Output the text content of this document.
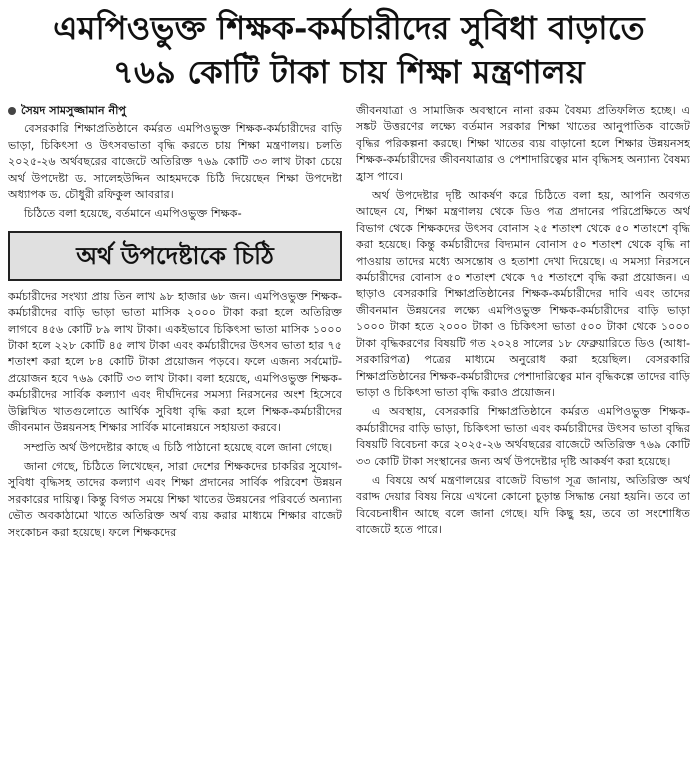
এমপিওভুক্ত শিক্ষক-কর্মচারীদের সুবিধা বাড়াতে
৭৬৯ কোটি টাকা চায় শিক্ষা মন্ত্রণালয়
সৈয়দ সামসুজ্জামান নীপু

বেসরকারি শিক্ষাপ্রতিষ্ঠানে কর্মরত এমপিওভুক্ত শিক্ষক-কর্মচারীদের বাড়ি ভাড়া, চিকিৎসা ও উৎসবভাতা বৃদ্ধি করতে চায় শিক্ষা মন্ত্রণালয়। চলতি ২০২৫-২৬ অর্থবছরের বাজেটে অতিরিক্ত ৭৬৯ কোটি ৩৩ লাখ টাকা চেয়ে অর্থ উপদেষ্টা ড. সালেহউদ্দিন আহমদকে চিঠি দিয়েছেন শিক্ষা উপদেষ্টা অধ্যাপক ড. চৌধুরী রফিকুল আবরার।

চিঠিতে বলা হয়েছে, বর্তমানে এমপিওভুক্ত শিক্ষক-

অর্থ উপদেষ্টাকে চিঠি

কর্মচারীদের সংখ্যা প্রায় তিন লাখ ৯৮ হাজার ৬৮ জন। এমপিওভুক্ত শিক্ষক-কর্মচারীদের বাড়ি ভাড়া ভাতা মাসিক ২০০০ টাকা করা হলে অতিরিক্ত লাগবে ৪৫৬ কোটি ৮৯ লাখ টাকা। একইভাবে চিকিৎসা ভাতা মাসিক ১০০০ টাকা হলে ২২৮ কোটি ৪৫ লাখ টাকা এবং কর্মচারীদের উৎসব ভাতা হার ৭৫ শতাংশ করা হলে ৮৪ কোটি টাকা প্রয়োজন পড়বে। ফলে এজন্য সর্বমোট-প্রয়োজন হবে ৭৬৯ কোটি ৩৩ লাখ টাকা। বলা হয়েছে, এমপিওভুক্ত শিক্ষক-কর্মচারীদের সার্বিক কল্যাণ এবং দীর্ঘদিনের সমস্যা নিরসনের অংশ হিসেবে উল্লিখিত খাতগুলোতে আর্থিক সুবিধা বৃদ্ধি করা হলে শিক্ষক-কর্মচারীদের জীবনমান উন্নয়নসহ শিক্ষার সার্বিক মানোন্নয়নে সহায়তা করবে।

সম্প্রতি অর্থ উপদেষ্টার কাছে এ চিঠি পাঠানো হয়েছে বলে জানা গেছে।

জানা গেছে, চিঠিতে লিখেছেন, সারা দেশের শিক্ষকদের চাকরির সুযোগ-সুবিধা বৃদ্ধিসহ তাদের কল্যাণ এবং শিক্ষা প্রদানের সার্বিক পরিবেশ উন্নয়ন সরকারের দায়িত্ব। কিন্তু বিগত সময়ে শিক্ষা খাতের উন্নয়নের পরিবর্তে অন্যান্য ভৌত অবকাঠামো খাতে অতিরিক্ত অর্থ ব্যয় করার মাধ্যমে শিক্ষার বাজেট সংকোচন করা হয়েছে। ফলে শিক্ষকদের

জীবনযাত্রা ও সামাজিক অবস্থানে নানা রকম বৈষম্য প্রতিফলিত হচ্ছে। এ সঙ্কট উত্তরণের লক্ষ্যে বর্তমান সরকার শিক্ষা খাতের আনুপাতিক বাজেট বৃদ্ধির পরিকল্পনা করছে। শিক্ষা খাতের ব্যয় বাড়ানো হলে শিক্ষার উন্নয়নসহ শিক্ষক-কর্মচারীদের জীবনযাত্রার ও পেশাদারিত্বের মান বৃদ্ধিসহ অন্যান্য বৈষম্য হ্রাস পাবে।

অর্থ উপদেষ্টার দৃষ্টি আকর্ষণ করে চিঠিতে বলা হয়, আপনি অবগত আছেন যে, শিক্ষা মন্ত্রণালয় থেকে ডিও পত্র প্রদানের পরিপ্রেক্ষিতে অর্থ বিভাগ থেকে শিক্ষকদের উৎসব বোনাস ২৫ শতাংশ থেকে ৫০ শতাংশে বৃদ্ধি করা হয়েছে। কিন্তু কর্মচারীদের বিদ্যমান বোনাস ৫০ শতাংশ থেকে বৃদ্ধি না পাওয়ায় তাদের মধ্যে অসন্তোষ ও হতাশা দেখা দিয়েছে। এ সমস্যা নিরসনে কর্মচারীদের বোনাস ৫০ শতাংশ থেকে ৭৫ শতাংশে বৃদ্ধি করা প্রয়োজন। এ ছাড়াও বেসরকারি শিক্ষাপ্রতিষ্ঠানের শিক্ষক-কর্মচারীদের দাবি এবং তাদের জীবনমান উন্নয়নের লক্ষ্যে এমপিওভুক্ত শিক্ষক-কর্মচারীদের বাড়ি ভাড়া ১০০০ টাকা হতে ২০০০ টাকা ও চিকিৎসা ভাতা ৫০০ টাকা থেকে ১০০০ টাকা বৃদ্ধিকরণের বিষয়টি গত ২০২৪ সালের ১৮ ফেব্রুয়ারিতে ডিও (আধা-সরকারিপত্র) পত্রের মাধ্যমে অনুরোধ করা হয়েছিল। বেসরকারি শিক্ষাপ্রতিষ্ঠানের শিক্ষক-কর্মচারীদের পেশাদারিত্বের মান বৃদ্ধিকল্পে তাদের বাড়ি ভাড়া ও চিকিৎসা ভাতা বৃদ্ধি করাও প্রয়োজন।

এ অবস্থায়, বেসরকারি শিক্ষাপ্রতিষ্ঠানে কর্মরত এমপিওভুক্ত শিক্ষক-কর্মচারীদের বাড়ি ভাড়া, চিকিৎসা ভাতা এবং কর্মচারীদের উৎসব ভাতা বৃদ্ধির বিষয়টি বিবেচনা করে ২০২৫-২৬ অর্থবছরের বাজেটে অতিরিক্ত ৭৬৯ কোটি ৩৩ কোটি টাকা সংস্থানের জন্য অর্থ উপদেষ্টার দৃষ্টি আকর্ষণ করা হয়েছে।

এ বিষয়ে অর্থ মন্ত্রণালয়ের বাজেট বিভাগ সূত্র জানায়, অতিরিক্ত অর্থ বরাদ্দ দেয়ার বিষয় নিয়ে এখনো কোনো চূড়ান্ত সিদ্ধান্ত নেয়া হয়নি। তবে তা বিবেচনাধীন আছে বলে জানা গেছে। যদি কিছু হয়, তবে তা সংশোধিত বাজেটে হতে পারে।
